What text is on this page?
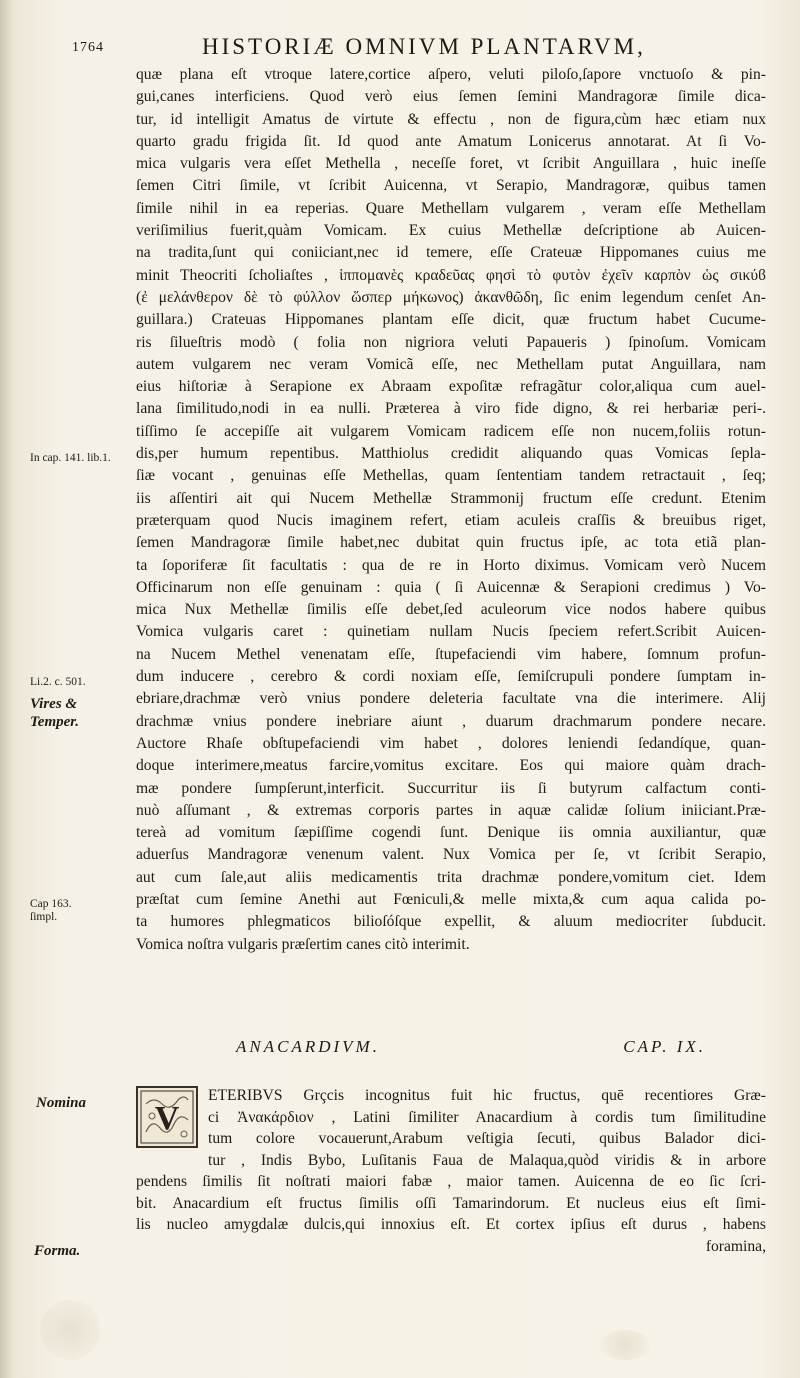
1764	HISTORIÆ OMNIVM PLANTARVM,
quæ plana eſt vtroque latere,cortice aſpero, veluti piloſo,ſapore vnctuoſo & pin-
gui,canes interficiens. Quod verò eius ſemen ſemini Mandragoræ ſimile dica-
tur, id intelligit Amatus de virtute & effectu , non de figura,cùm hæc etiam nux
quarto gradu frigida ſit. Id quod ante Amatum Lonicerus annotarat. At ſi Vo-
mica vulgaris vera eſſet Methella , neceſſe foret, vt ſcribit Anguillara , huic ineſſe
ſemen Citri ſimile, vt ſcribit Auicenna, vt Serapio, Mandragoræ, quibus tamen
ſimile nihil in ea reperias. Quare Methellam vulgarem , veram eſſe Methellam
veriſimilius fuerit,quàm Vomicam. Ex cuius Methellæ deſcriptione ab Auicen-
na tradita,ſunt qui coniiciant,nec id temere, eſſe Crateuæ Hippomanes cuius me
minit Theocriti ſcholiaſtes , ἱππομανὲς κραδεῦας φησὶ τὸ φυτὸν ἐχεῖν καρπὸν ὡς σικύϐ
(ἐ μελάνθερον δὲ τὸ φύλλον ὥσπερ μήκωνος) ἀκανθῶδη, ſic enim legendum cenſet An-
guillara.) Crateuas Hippomanes plantam eſſe dicit, quæ fructum habet Cucume-
ris ſilueſtris modò ( folia non nigriora veluti Papaueris ) ſpinoſum. Vomicam
autem vulgarem nec veram Vomicã eſſe, nec Methellam putat Anguillara, nam
eius hiſtoriæ à Serapione ex Abraam expoſitæ refragãtur color,aliqua cum auel-
lana ſimilitudo,nodi in ea nulli. Præterea à viro fide digno, & rei herbariæ peri-.
tiſſimo ſe accepiſſe ait vulgarem Vomicam radicem eſſe non nucem,foliis rotun-
dis,per humum repentibus. Matthiolus credidit aliquando quas Vomicas ſepla-
ſiæ vocant , genuinas eſſe Methellas, quam ſententiam tandem retractauit , ſeq;
iis aſſentiri ait qui Nucem Methellæ Strammonij fructum eſſe credunt. Etenim
præterquam quod Nucis imaginem refert, etiam aculeis craſſis & breuibus riget,
ſemen Mandragoræ ſimile habet,nec dubitat quin fructus ipſe, ac tota etiã plan-
ta ſoporiferæ ſit facultatis : qua de re in Horto diximus. Vomicam verò Nucem
Officinarum non eſſe genuinam : quia ( ſi Auicennæ & Serapioni credimus ) Vo-
mica Nux Methellæ ſimilis eſſe debet,ſed aculeorum vice nodos habere quibus
Vomica vulgaris caret : quinetiam nullam Nucis ſpeciem refert.Scribit Auicen-
na Nucem Methel venenatam eſſe, ſtupefaciendi vim habere, ſomnum profun-
dum inducere , cerebro & cordi noxiam eſſe, ſemiſcrupuli pondere ſumptam in-
ebriare,drachmæ verò vnius pondere deleteria facultate vna die interimere. Alij
drachmæ vnius pondere inebriare aiunt , duarum drachmarum pondere necare.
Auctore Rhaſe obſtupefaciendi vim habet , dolores leniendi ſedandíque, quan-
doque interimere,meatus farcire,vomitus excitare. Eos qui maiore quàm drach-
mæ pondere ſumpſerunt,interficit. Succurritur iis ſi butyrum calfactum conti-
nuò aſſumant , & extremas corporis partes in aquæ calidæ ſolium iniiciant.Præ-
tereà ad vomitum ſæpiſſime cogendi ſunt. Denique iis omnia auxiliantur, quæ
aduerſus Mandragoræ venenum valent. Nux Vomica per ſe, vt ſcribit Serapio,
aut cum ſale,aut aliis medicamentis trita drachmæ pondere,vomitum ciet. Idem
præſtat cum ſemine Anethi aut Fœniculi,& melle mixta,& cum aqua calida po-
ta humores phlegmaticos bilioſóſque expellit, & aluum mediocriter ſubducit.
Vomica noſtra vulgaris præſertim canes citò interimit.
In cap. 141. lib.1.
Li.2. c. 501.
Vires & Temper.
Cap 163. ſimpl.
Nomina
Forma.
ANACARDIVM.	CAP. IX.
V
ETERIBVS Grçcis incognitus fuit hic fructus, quē recentiores Græ-
ci Ἀνακάρδιον , Latini ſimiliter Anacardium à cordis tum ſimilitudine
tum colore vocauerunt,Arabum veſtigia ſecuti, quibus Balador dici-
tur , Indis Bybo, Luſitanis Faua de Malaqua,quòd viridis & in arbore
pendens ſimilis ſit noſtrati maiori fabæ , maior tamen. Auicenna de eo ſic ſcri-
bit. Anacardium eſt fructus ſimilis oſſi Tamarindorum. Et nucleus eius eſt ſimi-
lis nucleo amygdalæ dulcis,qui innoxius eſt. Et cortex ipſius eſt durus , habens
foramina,
